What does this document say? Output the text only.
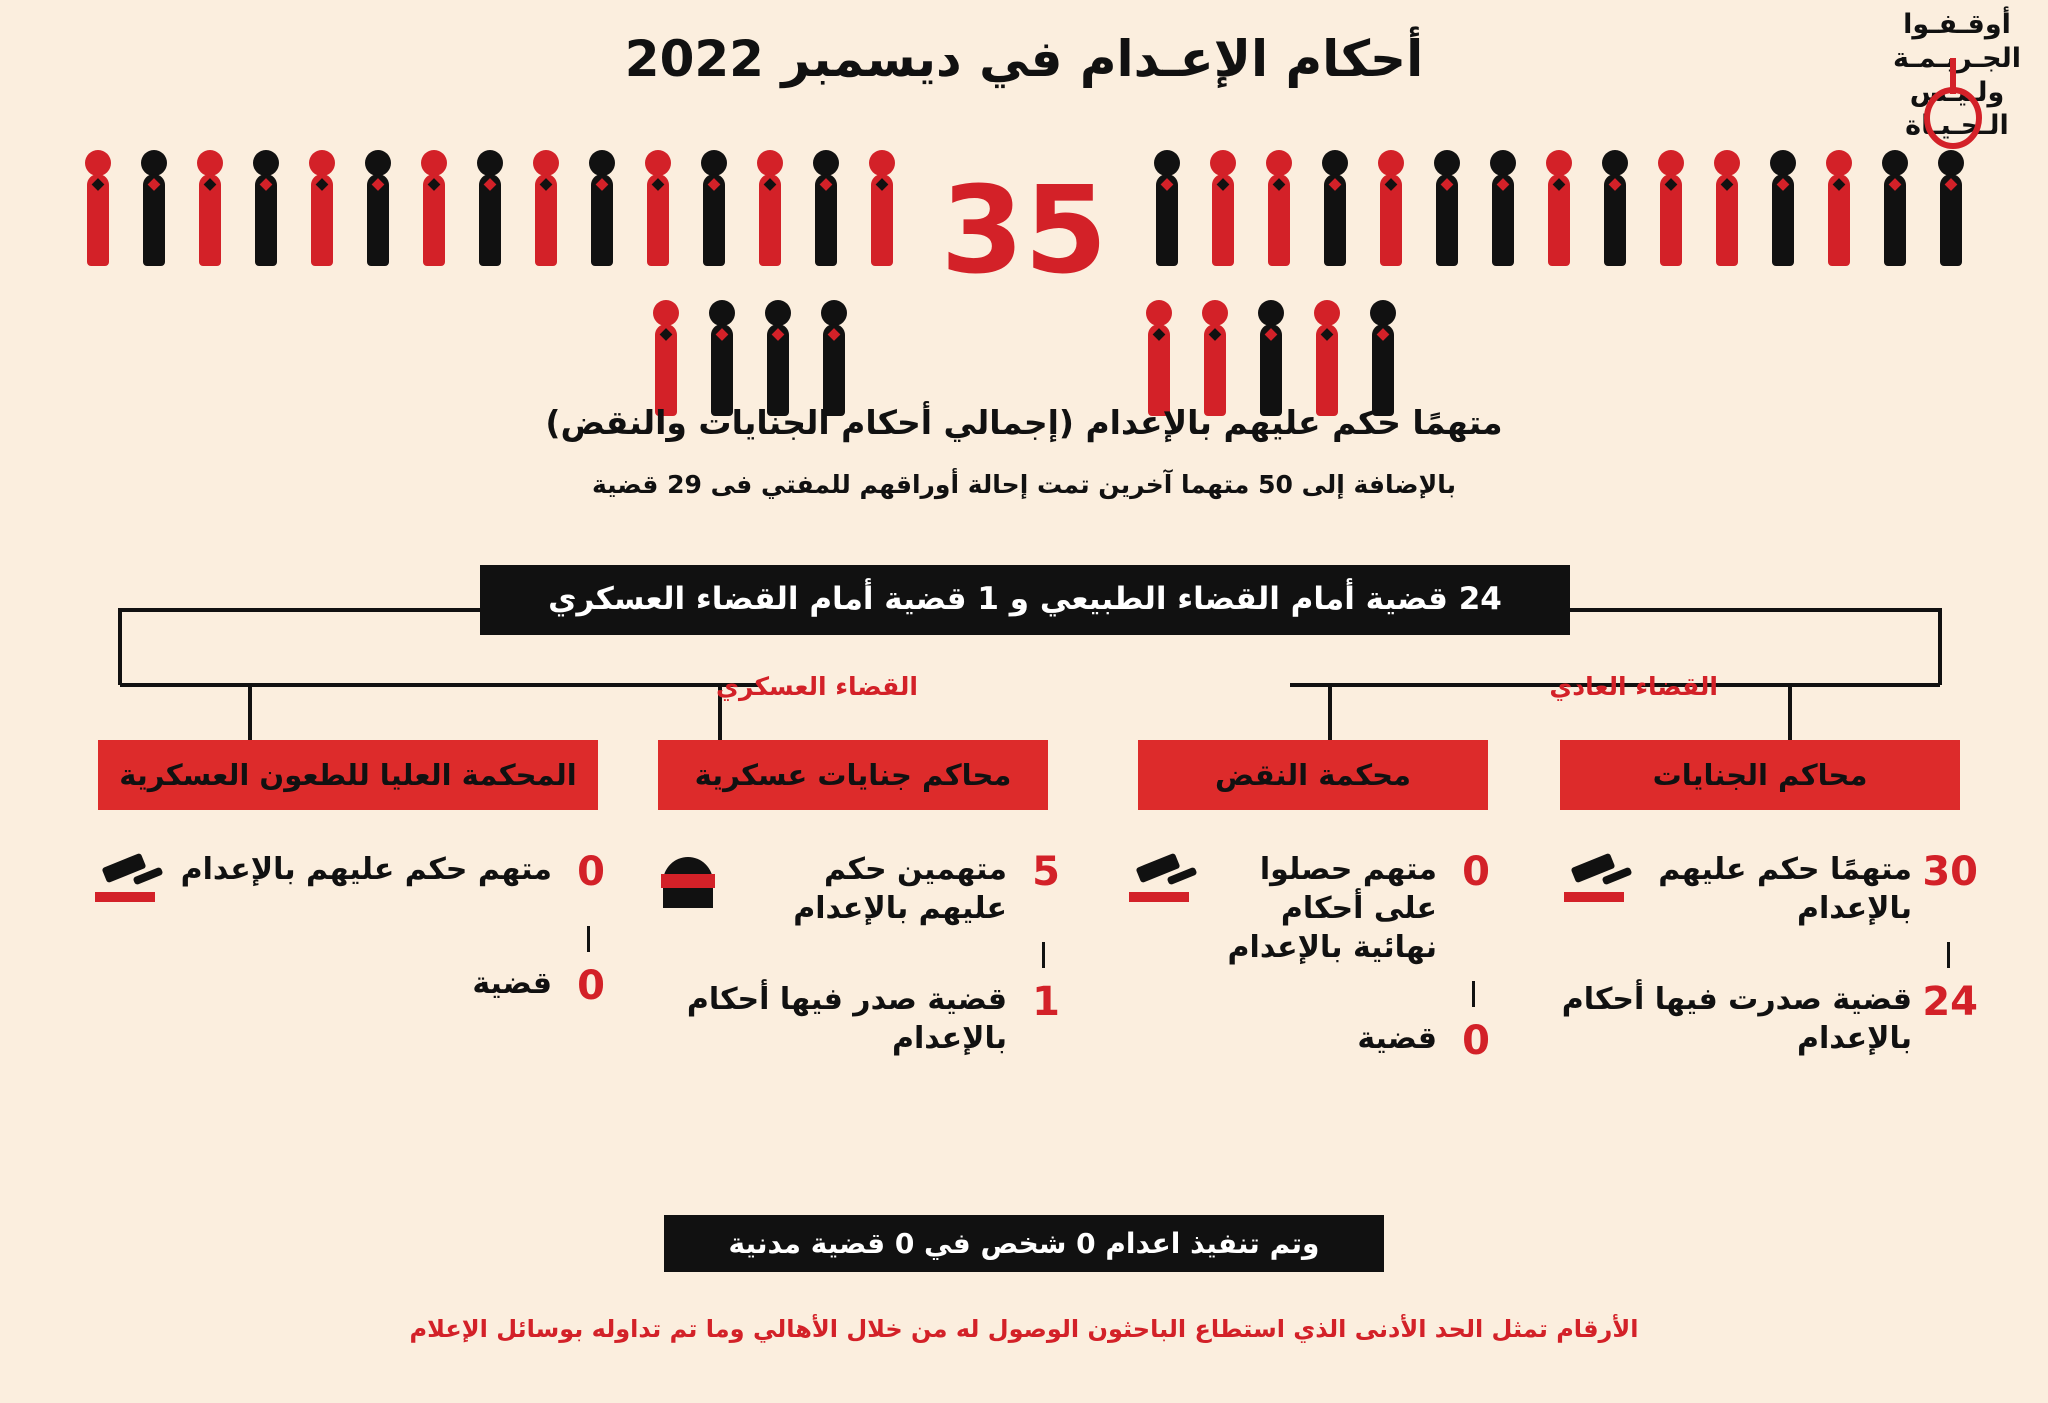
أوقـفـوا
الجـريـمـة
ولـيـس
الـحـيـاة
أحكام الإعـدام في ديسمبر 2022
35
متهمًا حكم عليهم بالإعدام (إجمالي أحكام الجنايات والنقض)
بالإضافة إلى 50 متهما آخرين تمت إحالة أوراقهم للمفتي فى 29 قضية
24 قضية أمام القضاء الطبيعي و 1 قضية أمام القضاء العسكري
القضاء العسكري	القضاء العادي
محاكم الجنايات
محكمة النقض
محاكم جنايات عسكرية
المحكمة العليا للطعون العسكرية
30
متهمًا حكم عليهم بالإعدام
24
قضية صدرت فيها أحكام بالإعدام
0
متهم حصلوا على أحكام نهائية بالإعدام
0
قضية
5
متهمين حكم عليهم بالإعدام
1
قضية صدر فيها أحكام بالإعدام
0
متهم حكم عليهم بالإعدام
0
قضية
وتم تنفيذ اعدام 0 شخص في 0 قضية مدنية
الأرقام تمثل الحد الأدنى الذي استطاع الباحثون الوصول له من خلال الأهالي وما تم تداوله بوسائل الإعلام
